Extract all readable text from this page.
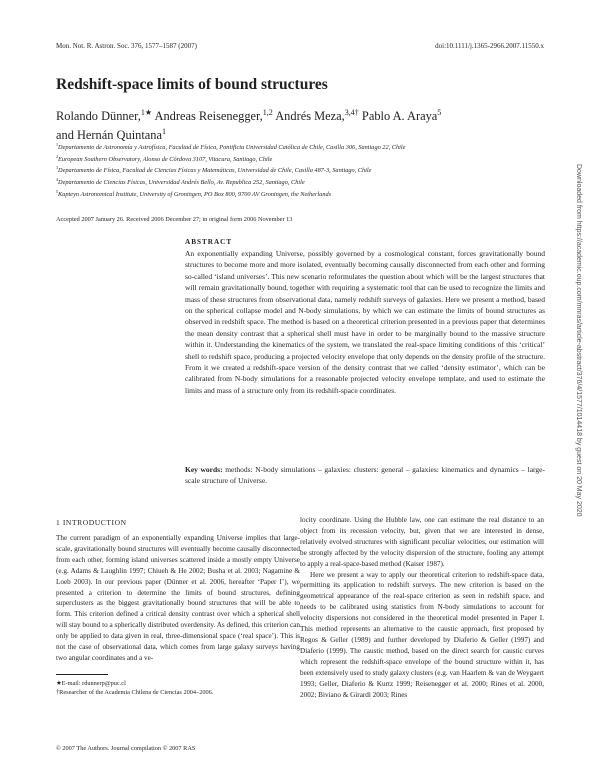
Mon. Not. R. Astron. Soc. 376, 1577–1587 (2007)	doi:10.1111/j.1365-2966.2007.11550.x
Redshift-space limits of bound structures
Rolando Dünner,$^{1★}$ Andreas Reisenegger,$^{1,2}$ Andrés Meza,$^{3,4\dagger}$ Pablo A. Araya$^5$
and Hernán Quintana$^1$
$^1$Departamento de Astronomía y Astrofísica, Facultad de Física, Pontificia Universidad Católica de Chile, Casilla 306, Santiago 22, Chile
$^2$European Southern Observatory, Alonso de Córdova 3107, Vitacura, Santiago, Chile
$^3$Departamento de Física, Facultad de Ciencias Físicas y Matemáticas, Universidad de Chile, Casilla 487-3, Santiago, Chile
$^4$Departamento de Ciencias Físicas, Universidad Andrés Bello, Av. Republica 252, Santiago, Chile
$^5$Kapteyn Astronomical Institute, University of Groningen, PO Box 800, 9700 AV Groningen, the Netherlands
Accepted 2007 January 26. Received 2006 December 27; in original form 2006 November 13
ABSTRACT
An exponentially expanding Universe, possibly governed by a cosmological constant, forces gravitationally bound structures to become more and more isolated, eventually becoming causally disconnected from each other and forming so-called ‘island universes’. This new scenario reformulates the question about which will be the largest structures that will remain gravitationally bound, together with requiring a systematic tool that can be used to recognize the limits and mass of these structures from observational data, namely redshift surveys of galaxies. Here we present a method, based on the spherical collapse model and N-body simulations, by which we can estimate the limits of bound structures as observed in redshift space. The method is based on a theoretical criterion presented in a previous paper that determines the mean density contrast that a spherical shell must have in order to be marginally bound to the massive structure within it. Understanding the kinematics of the system, we translated the real-space limiting conditions of this ‘critical’ shell to redshift space, producing a projected velocity envelope that only depends on the density profile of the structure. From it we created a redshift-space version of the density contrast that we called ‘density estimator’, which can be calibrated from N-body simulations for a reasonable projected velocity envelope template, and used to estimate the limits and mass of a structure only from its redshift-space coordinates.
Key words: methods: N-body simulations – galaxies: clusters: general – galaxies: kinematics and dynamics – large-scale structure of Universe.
1 INTRODUCTION

The current paradigm of an exponentially expanding Universe implies that large-scale, gravitationally bound structures will eventually become causally disconnected from each other, forming island universes scattered inside a mostly empty Universe (e.g. Adams & Laughlin 1997; Chiueh & He 2002; Busha et al. 2003; Nagamine & Loeb 2003). In our previous paper (Dünner et al. 2006, hereafter ‘Paper I’), we presented a criterion to determine the limits of bound structures, defining superclusters as the biggest gravitationally bound structures that will be able to form. This criterion defined a critical density contrast over which a spherical shell will stay bound to a spherically distributed overdensity. As defined, this criterion can only be applied to data given in real, three-dimensional space (‘real space’). This is not the case of observational data, which comes from large galaxy surveys having two angular coordinates and a ve-

locity coordinate. Using the Hubble law, one can estimate the real distance to an object from its recession velocity, but, given that we are interested in dense, relatively evolved structures with significant peculiar velocities, our estimation will be strongly affected by the velocity dispersion of the structure, fooling any attempt to apply a real-space-based method (Kaiser 1987).

Here we present a way to apply our theoretical criterion to redshift-space data, permitting its application to redshift surveys. The new criterion is based on the geometrical appearance of the real-space criterion as seen in redshift space, and needs to be calibrated using statistics from N-body simulations to account for velocity dispersions not considered in the theoretical model presented in Paper I. This method represents an alternative to the caustic approach, first proposed by Regos & Geller (1989) and further developed by Diaferio & Geller (1997) and Diaferio (1999). The caustic method, based on the direct search for caustic curves which represent the redshift-space envelope of the bound structure within it, has been extensively used to study galaxy clusters (e.g. van Haarlem & van de Weygaert 1993; Geller, Diaferio & Kurtz 1999; Reisenegger et al. 2000; Rines et al. 2000, 2002; Biviano & Girardi 2003; Rines

★E-mail: rdunnerp@puc.cl
†Researcher of the Academia Chilena de Ciencias 2004–2006.
© 2007 The Authors. Journal compilation © 2007 RAS
Downloaded from https://academic.oup.com/mnras/article-abstract/376/4/1577/1014418 by guest on 20 May 2020
